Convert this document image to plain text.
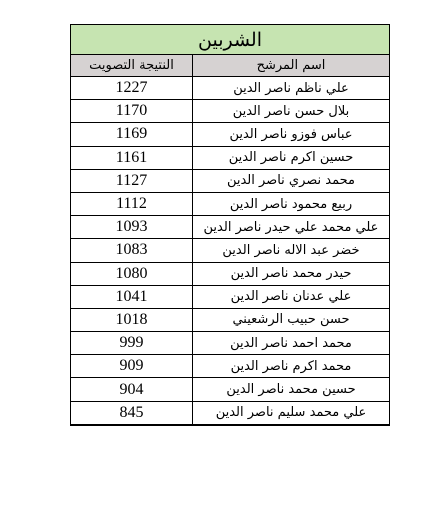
الشربين	
اسم المرشح	النتيجة التصويت
علي ناظم ناصر الدين	1227
بلال حسن ناصر الدين	1170
عباس فوزو ناصر الدين	1169
حسين اكرم ناصر الدين	1161
محمد نصري ناصر الدين	1127
ربيع محمود ناصر الدين	1112
علي محمد علي حيدر ناصر الدين	1093
خضر عبد الاله ناصر الدين	1083
حيدر محمد ناصر الدين	1080
علي عدنان ناصر الدين	1041
حسن حبيب الرشعيني	1018
محمد احمد ناصر الدين	999
محمد اكرم ناصر الدين	909
حسين محمد ناصر الدين	904
علي محمد سليم ناصر الدين	845
